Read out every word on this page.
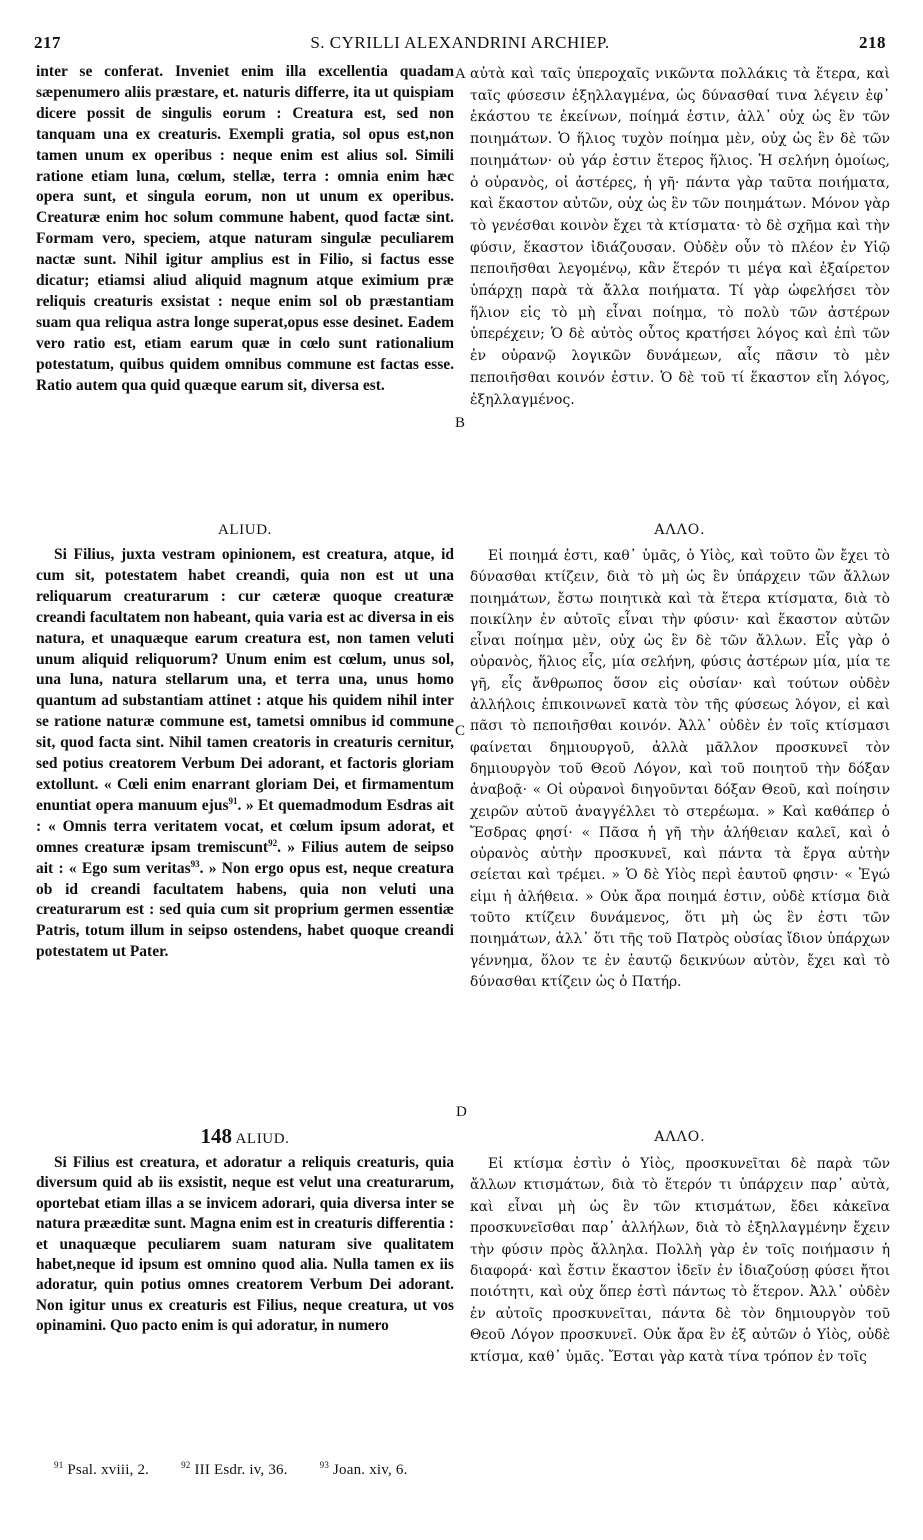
217	S. CYRILLI ALEXANDRINI ARCHIEP.	218

inter se conferat. Inveniet enim illa excellentia quadam sæpenumero aliis præstare, et. naturis differre, ita ut quispiam dicere possit de singulis eorum : Creatura est, sed non tanquam una ex creaturis. Exempli gratia, sol opus est,non tamen unum ex operibus : neque enim est alius sol. Simili ratione etiam luna, cœlum, stellæ, terra : omnia enim hæc opera sunt, et singula eorum, non ut unum ex operibus. Creaturæ enim hoc solum commune habent, quod factæ sint. Formam vero, speciem, atque naturam singulæ peculiarem nactæ sunt. Nihil igitur amplius est in Filio, si factus esse dicatur; etiamsi aliud aliquid magnum atque eximium præ reliquis creaturis exsistat : neque enim sol ob præstantiam suam qua reliqua astra longe superat,opus esse desinet. Eadem vero ratio est, etiam earum quæ in cœlo sunt rationalium potestatum, quibus quidem omnibus commune est factas esse. Ratio autem qua quid quæque earum sit, diversa est.

αὐτὰ καὶ ταῖς ὑπεροχαῖς νικῶντα πολλάκις τὰ ἕτερα, καὶ ταῖς φύσεσιν ἐξηλλαγμένα, ὡς δύνασθαί τινα λέγειν ἐφ᾽ ἑκάστου τε ἐκείνων, ποίημά ἐστιν, ἀλλ᾽ οὐχ ὡς ἓν τῶν ποιημάτων. Ὁ ἥλιος τυχὸν ποίημα μὲν, οὐχ ὡς ἓν δὲ τῶν ποιημάτων· οὐ γάρ ἐστιν ἕτερος ἥλιος. Ἡ σελήνη ὁμοίως, ὁ οὐρανὸς, οἱ ἀστέρες, ἡ γῆ· πάντα γὰρ ταῦτα ποιήματα, καὶ ἕκαστον αὐτῶν, οὐχ ὡς ἓν τῶν ποιημάτων. Μόνον γὰρ τὸ γενέσθαι κοινὸν ἔχει τὰ κτίσματα· τὸ δὲ σχῆμα καὶ τὴν φύσιν, ἕκαστον ἰδιάζουσαν. Οὐδὲν οὖν τὸ πλέον ἐν Υἱῷ πεποιῆσθαι λεγομένῳ, κἂν ἕτερόν τι μέγα καὶ ἐξαίρετον ὑπάρχῃ παρὰ τὰ ἄλλα ποιήματα. Τί γὰρ ὠφελήσει τὸν ἥλιον εἰς τὸ μὴ εἶναι ποίημα, τὸ πολὺ τῶν ἀστέρων ὑπερέχειν; Ὁ δὲ αὐτὸς οὗτος κρατήσει λόγος καὶ ἐπὶ τῶν ἐν οὐρανῷ λογικῶν δυνάμεων, αἷς πᾶσιν τὸ μὲν πεποιῆσθαι κοινόν ἐστιν. Ὁ δὲ τοῦ τί ἕκαστον εἴη λόγος, ἐξηλλαγμένος.

ALIUD.	ΑΛΛΟ.

Si Filius, juxta vestram opinionem, est creatura, atque, id cum sit, potestatem habet creandi, quia non est ut una reliquarum creaturarum : cur cæteræ quoque creaturæ creandi facultatem non habeant, quia varia est ac diversa in eis natura, et unaquæque earum creatura est, non tamen veluti unum aliquid reliquorum? Unum enim est cœlum, unus sol, una luna, natura stellarum una, et terra una, unus homo quantum ad substantiam attinet : atque his quidem nihil inter se ratione naturæ commune est, tametsi omnibus id commune sit, quod facta sint. Nihil tamen creatoris in creaturis cernitur, sed potius creatorem Verbum Dei adorant, et factoris gloriam extollunt. « Cœli enim enarrant gloriam Dei, et firmamentum enuntiat opera manuum ejus$^{91}$. » Et quemadmodum Esdras ait : « Omnis terra veritatem vocat, et cœlum ipsum adorat, et omnes creaturæ ipsam tremiscunt$^{92}$. » Filius autem de seipso ait : « Ego sum veritas$^{93}$. » Non ergo opus est, neque creatura ob id creandi facultatem habens, quia non veluti una creaturarum est : sed quia cum sit proprium germen essentiæ Patris, totum illum in seipso ostendens, habet quoque creandi potestatem ut Pater.

Εἰ ποιημά ἐστι, καθ᾽ ὑμᾶς, ὁ Υἱὸς, καὶ τοῦτο ὢν ἔχει τὸ δύνασθαι κτίζειν, διὰ τὸ μὴ ὡς ἓν ὑπάρχειν τῶν ἄλλων ποιημάτων, ἔστω ποιητικὰ καὶ τὰ ἕτερα κτίσματα, διὰ τὸ ποικίλην ἐν αὐτοῖς εἶναι τὴν φύσιν· καὶ ἕκαστον αὐτῶν εἶναι ποίημα μὲν, οὐχ ὡς ἓν δὲ τῶν ἄλλων. Εἷς γὰρ ὁ οὐρανὸς, ἥλιος εἷς, μία σελήνη, φύσις ἀστέρων μία, μία τε γῆ, εἷς ἄνθρωπος ὅσον εἰς οὐσίαν· καὶ τούτων οὐδὲν ἀλλήλοις ἐπικοινωνεῖ κατὰ τὸν τῆς φύσεως λόγον, εἰ καὶ πᾶσι τὸ πεποιῆσθαι κοινόν. Ἀλλ᾽ οὐδὲν ἐν τοῖς κτίσμασι φαίνεται δημιουργοῦ, ἀλλὰ μᾶλλον προσκυνεῖ τὸν δημιουργὸν τοῦ Θεοῦ Λόγον, καὶ τοῦ ποιητοῦ τὴν δόξαν ἀναβοᾷ· « Οἱ οὐρανοὶ διηγοῦνται δόξαν Θεοῦ, καὶ ποίησιν χειρῶν αὐτοῦ ἀναγγέλλει τὸ στερέωμα. » Καὶ καθάπερ ὁ Ἔσδρας φησί· « Πᾶσα ἡ γῆ τὴν ἀλήθειαν καλεῖ, καὶ ὁ οὐρανὸς αὐτὴν προσκυνεῖ, καὶ πάντα τὰ ἔργα αὐτὴν σείεται καὶ τρέμει. » Ὁ δὲ Υἱὸς περὶ ἑαυτοῦ φησιν· « Ἐγώ εἰμι ἡ ἀλήθεια. » Οὐκ ἄρα ποιημά ἐστιν, οὐδὲ κτίσμα διὰ τοῦτο κτίζειν δυνάμενος, ὅτι μὴ ὡς ἓν ἐστι τῶν ποιημάτων, ἀλλ᾽ ὅτι τῆς τοῦ Πατρὸς οὐσίας ἴδιον ὑπάρχων γέννημα, ὅλον τε ἐν ἑαυτῷ δεικνύων αὐτὸν, ἔχει καὶ τὸ δύνασθαι κτίζειν ὡς ὁ Πατήρ.

148 ALIUD.	ΑΛΛΟ.

Si Filius est creatura, et adoratur a reliquis creaturis, quia diversum quid ab iis exsistit, neque est velut una creaturarum, oportebat etiam illas a se invicem adorari, quia diversa inter se natura prææditæ sunt. Magna enim est in creaturis differentia : et unaquæque peculiarem suam naturam sive qualitatem habet,neque id ipsum est omnino quod alia. Nulla tamen ex iis adoratur, quin potius omnes creatorem Verbum Dei adorant. Non igitur unus ex creaturis est Filius, neque creatura, ut vos opinamini. Quo pacto enim is qui adoratur, in numero

Εἰ κτίσμα ἐστὶν ὁ Υἱὸς, προσκυνεῖται δὲ παρὰ τῶν ἄλλων κτισμάτων, διὰ τὸ ἕτερόν τι ὑπάρχειν παρ᾽ αὐτὰ, καὶ εἶναι μὴ ὡς ἓν τῶν κτισμάτων, ἔδει κἀκεῖνα προσκυνεῖσθαι παρ᾽ ἀλλήλων, διὰ τὸ ἐξηλλαγμένην ἔχειν τὴν φύσιν πρὸς ἄλληλα. Πολλὴ γὰρ ἐν τοῖς ποιήμασιν ἡ διαφορά· καὶ ἔστιν ἕκαστον ἰδεῖν ἐν ἰδιαζούσῃ φύσει ἤτοι ποιότητι, καὶ οὐχ ὅπερ ἐστὶ πάντως τὸ ἕτερον. Ἀλλ᾽ οὐδὲν ἐν αὐτοῖς προσκυνεῖται, πάντα δὲ τὸν δημιουργὸν τοῦ Θεοῦ Λόγον προσκυνεῖ. Οὐκ ἄρα ἓν ἐξ αὐτῶν ὁ Υἱὸς, οὐδὲ κτίσμα, καθ᾽ ὑμᾶς. Ἔσται γὰρ κατὰ τίνα τρόπον ἐν τοῖς

A
B
C
D
$^{91}$ Psal. xviii, 2.	$^{92}$ III Esdr. iv, 36.	$^{93}$ Joan. xiv, 6.
